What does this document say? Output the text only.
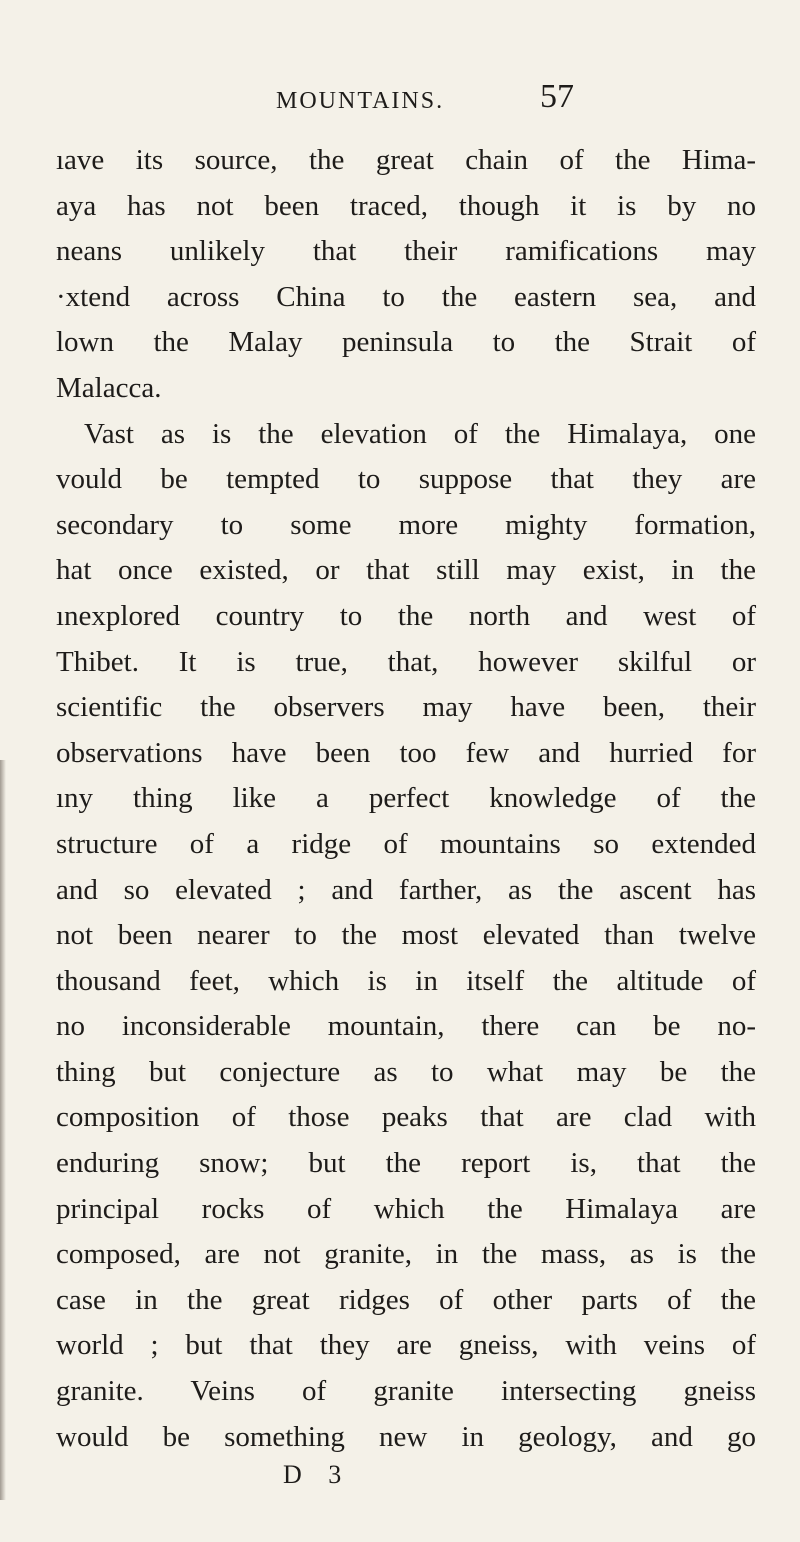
MOUNTAINS.	57
ıave its source, the great chain of the Hima-
aya has not been traced, though it is by no
neans unlikely that their ramifications may
·xtend across China to the eastern sea, and
lown the Malay peninsula to the Strait of
Malacca.
Vast as is the elevation of the Himalaya, one
vould be tempted to suppose that they are
secondary to some more mighty formation,
hat once existed, or that still may exist, in the
ınexplored country to the north and west of
Thibet. It is true, that, however skilful or
scientific the observers may have been, their
observations have been too few and hurried for
ıny thing like a perfect knowledge of the
structure of a ridge of mountains so extended
and so elevated ; and farther, as the ascent has
not been nearer to the most elevated than twelve
thousand feet, which is in itself the altitude of
no inconsiderable mountain, there can be no-
thing but conjecture as to what may be the
composition of those peaks that are clad with
enduring snow; but the report is, that the
principal rocks of which the Himalaya are
composed, are not granite, in the mass, as is the
case in the great ridges of other parts of the
world ; but that they are gneiss, with veins of
granite. Veins of granite intersecting gneiss
would be something new in geology, and go
D 3
